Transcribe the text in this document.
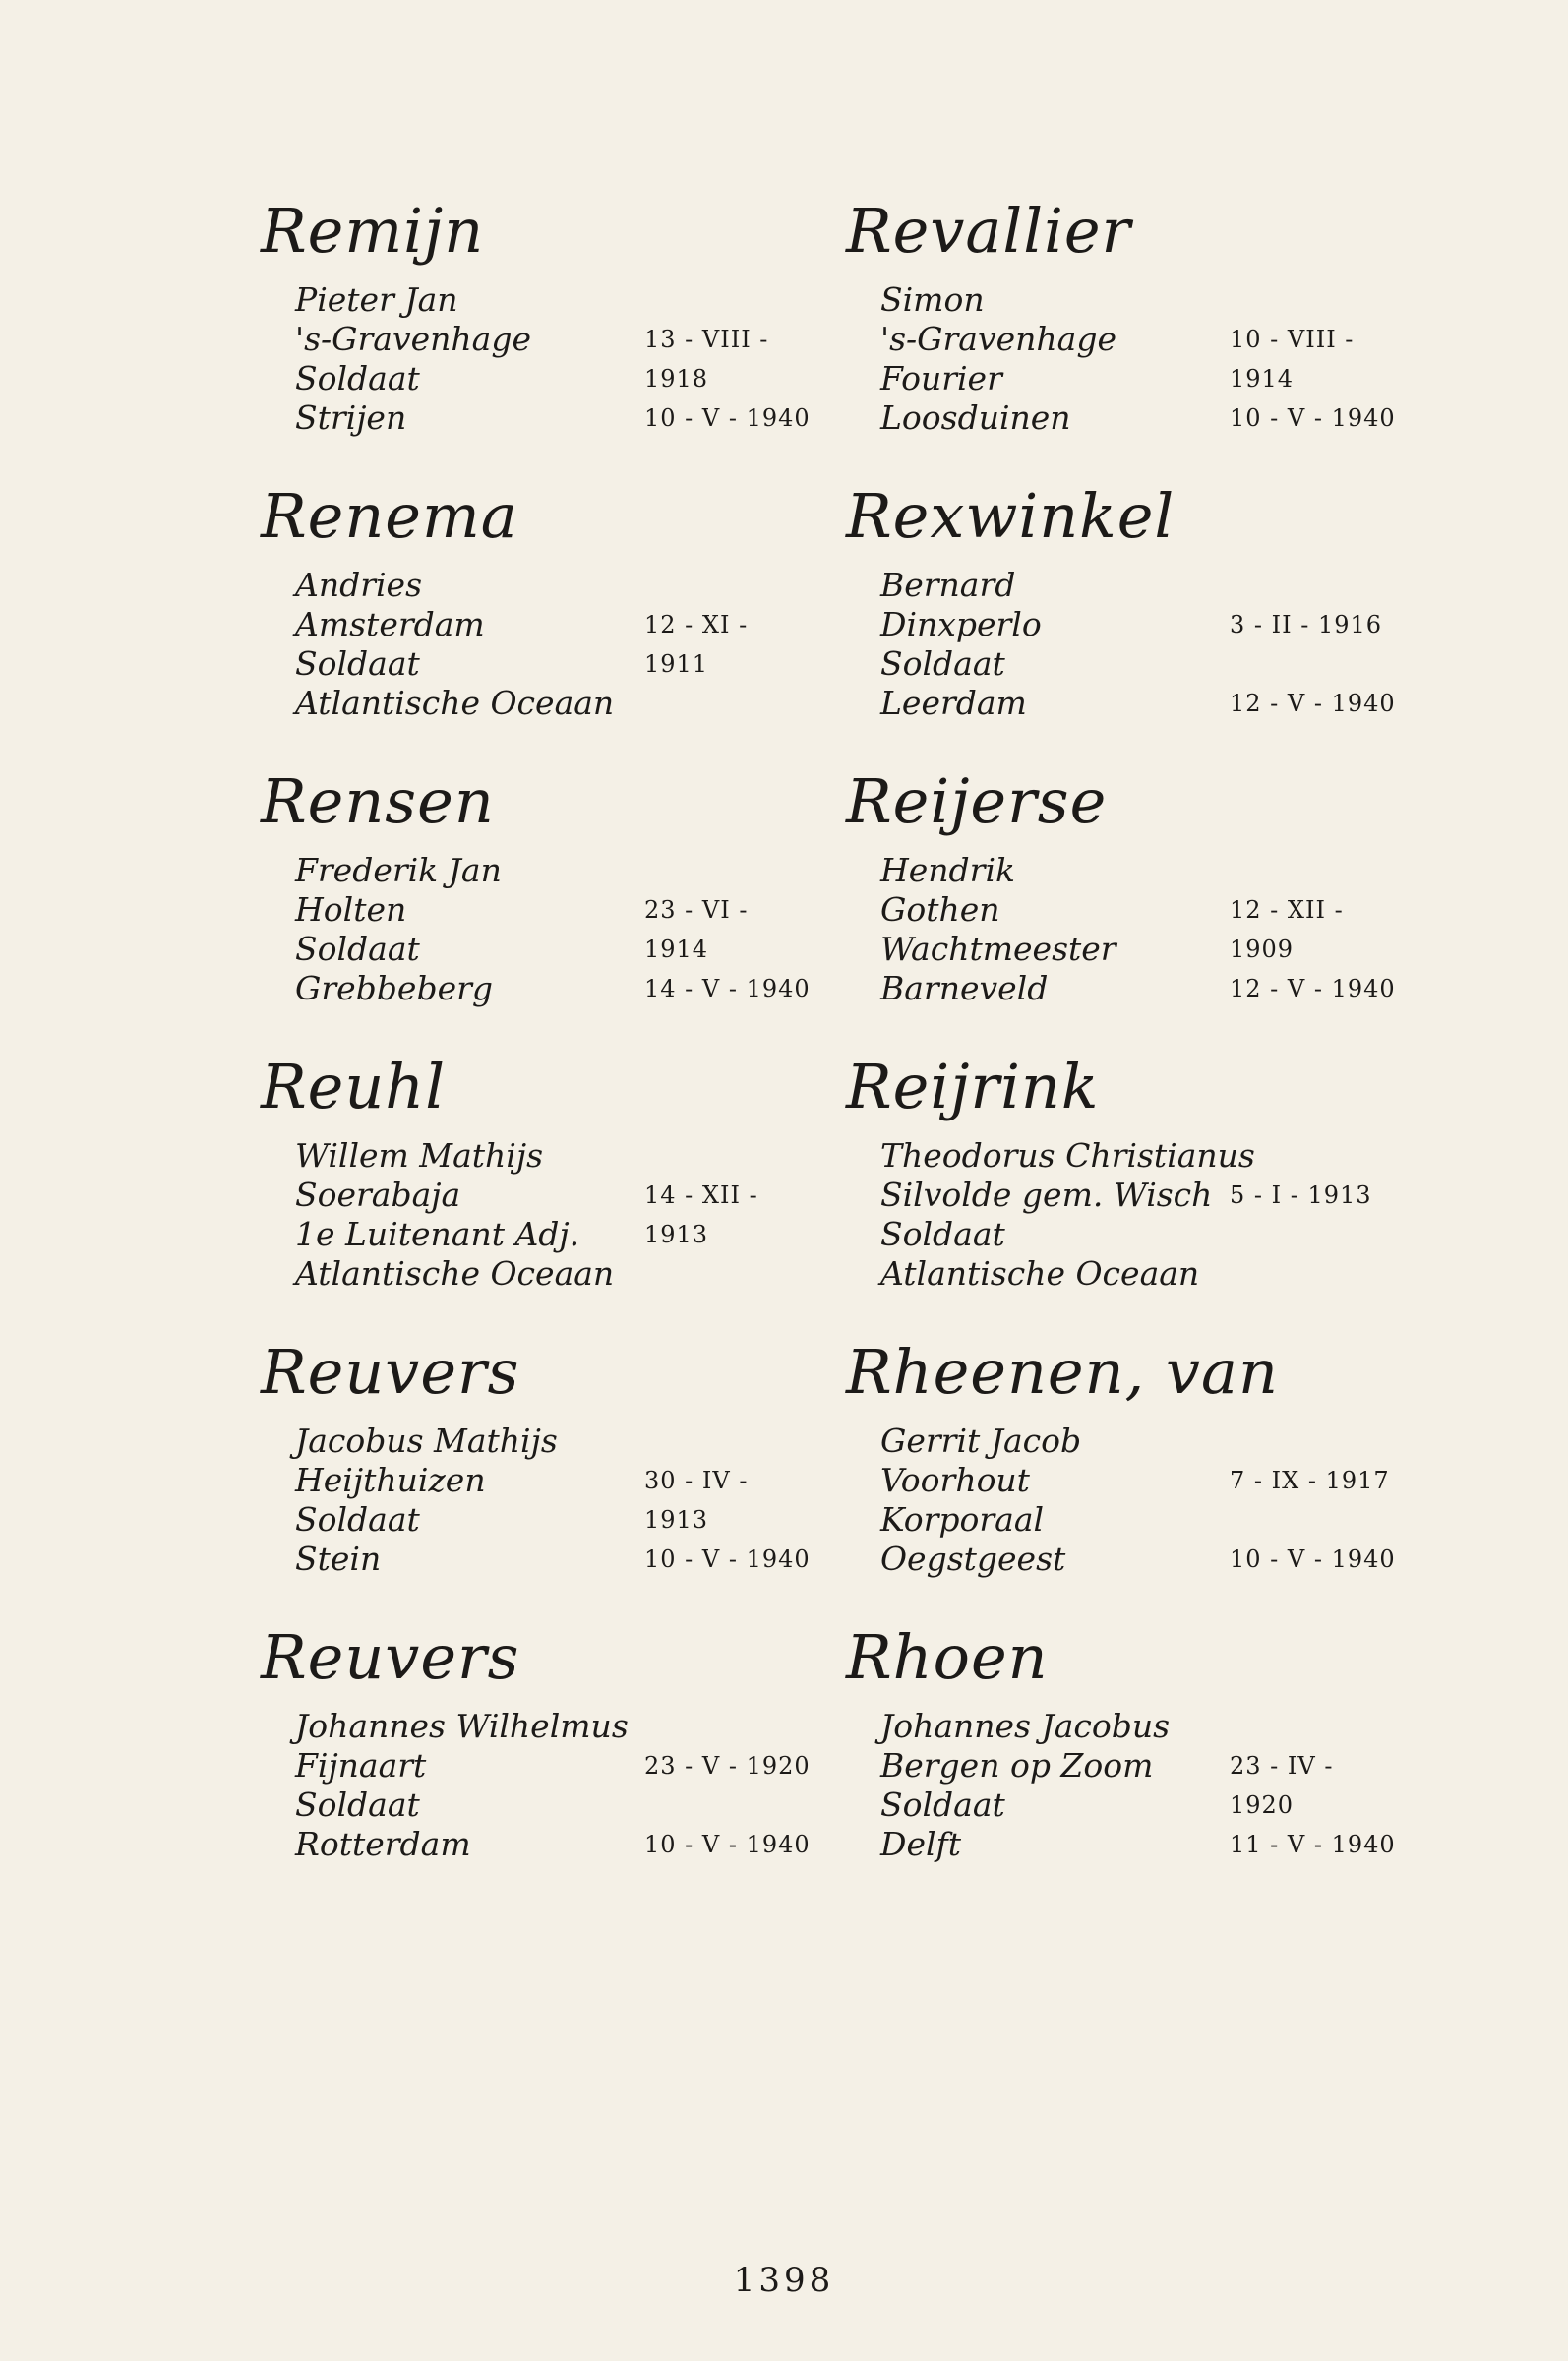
Remijn
Pieter Jan
's-Gravenhage	13 - VIII - 1918
Soldaat
Strijen	10 - V - 1940
Renema
Andries
Amsterdam	12 - XI - 1911
Soldaat
Atlantische Oceaan
Rensen
Frederik Jan
Holten	23 - VI - 1914
Soldaat
Grebbeberg	14 - V - 1940
Reuhl
Willem Mathijs
Soerabaja	14 - XII - 1913
1e Luitenant Adj.
Atlantische Oceaan
Reuvers
Jacobus Mathijs
Heijthuizen	30 - IV - 1913
Soldaat
Stein	10 - V - 1940
Reuvers
Johannes Wilhelmus
Fijnaart	23 - V - 1920
Soldaat
Rotterdam	10 - V - 1940
Revallier
Simon
's-Gravenhage	10 - VIII - 1914
Fourier
Loosduinen	10 - V - 1940
Rexwinkel
Bernard
Dinxperlo	3 - II - 1916
Soldaat
Leerdam	12 - V - 1940
Reijerse
Hendrik
Gothen	12 - XII - 1909
Wachtmeester
Barneveld	12 - V - 1940
Reijrink
Theodorus Christianus
Silvolde gem. Wisch 5 - I - 1913
Soldaat
Atlantische Oceaan
Rheenen, van
Gerrit Jacob
Voorhout	7 - IX - 1917
Korporaal
Oegstgeest	10 - V - 1940
Rhoen
Johannes Jacobus
Bergen op Zoom	23 - IV - 1920
Soldaat
Delft	11 - V - 1940
1398
